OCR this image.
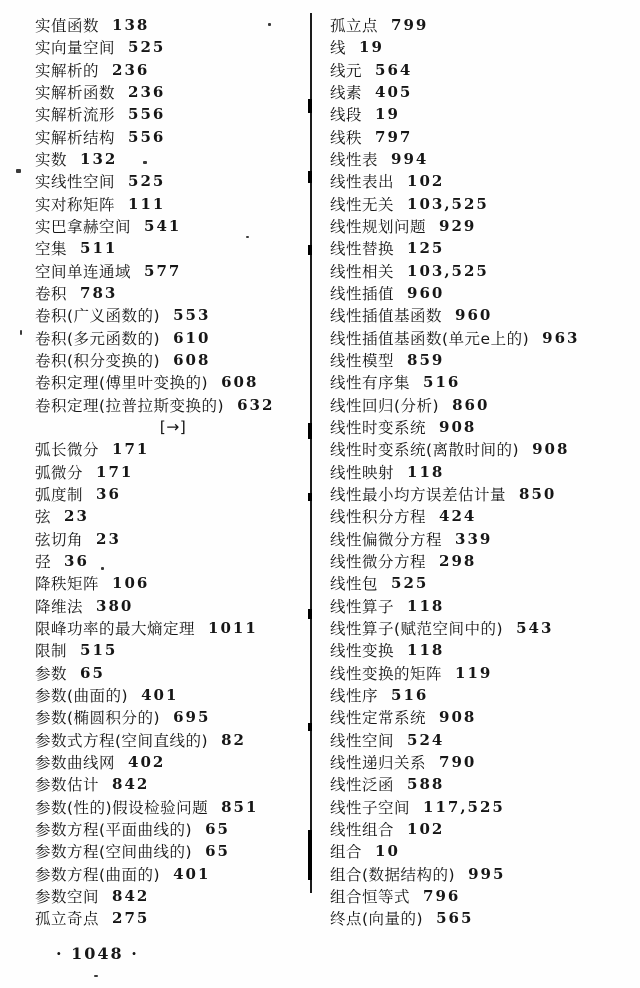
实值函数 138
实向量空间 525
实解析的 236
实解析函数 236
实解析流形 556
实解析结构 556
实数 132
实线性空间 525
实对称矩阵 111
实巴拿赫空间 541
空集 511
空间单连通域 577
卷积 783
卷积(广义函数的) 553
卷积(多元函数的) 610
卷积(积分变换的) 608
卷积定理(傅里叶变换的) 608
卷积定理(拉普拉斯变换的) 632
[→]
弧长微分 171
弧微分 171
弧度制 36
弦 23
弦切角 23
弪 36
降秩矩阵 106
降维法 380
限峰功率的最大熵定理 1011
限制 515
参数 65
参数(曲面的) 401
参数(椭圆积分的) 695
参数式方程(空间直线的) 82
参数曲线网 402
参数估计 842
参数(性的)假设检验问题 851
参数方程(平面曲线的) 65
参数方程(空间曲线的) 65
参数方程(曲面的) 401
参数空间 842
孤立奇点 275
孤立点 799
线 19
线元 564
线素 405
线段 19
线秩 797
线性表 994
线性表出 102
线性无关 103,525
线性规划问题 929
线性替换 125
线性相关 103,525
线性插值 960
线性插值基函数 960
线性插值基函数(单元e上的) 963
线性模型 859
线性有序集 516
线性回归(分析) 860
线性时变系统 908
线性时变系统(离散时间的) 908
线性映射 118
线性最小均方误差估计量 850
线性积分方程 424
线性偏微分方程 339
线性微分方程 298
线性包 525
线性算子 118
线性算子(赋范空间中的) 543
线性变换 118
线性变换的矩阵 119
线性序 516
线性定常系统 908
线性空间 524
线性递归关系 790
线性泛函 588
线性子空间 117,525
线性组合 102
组合 10
组合(数据结构的) 995
组合恒等式 796
终点(向量的) 565
· 1048 ·
